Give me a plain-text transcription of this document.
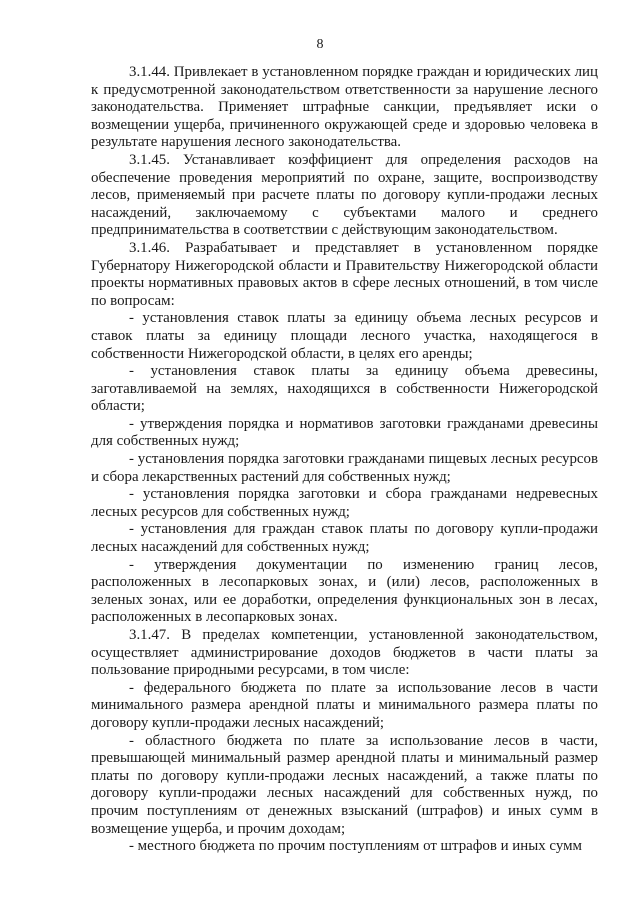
8

3.1.44. Привлекает в установленном порядке граждан и юридических лиц к предусмотренной законодательством ответственности за нарушение лесного законодательства. Применяет штрафные санкции, предъявляет иски о возмещении ущерба, причиненного окружающей среде и здоровью человека в результате нарушения лесного законодательства.

3.1.45. Устанавливает коэффициент для определения расходов на обеспечение проведения мероприятий по охране, защите, воспроизводству лесов, применяемый при расчете платы по договору купли-продажи лесных насаждений, заключаемому с субъектами малого и среднего предпринимательства в соответствии с действующим законодательством.

3.1.46. Разрабатывает и представляет в установленном порядке Губернатору Нижегородской области и Правительству Нижегородской области проекты нормативных правовых актов в сфере лесных отношений, в том числе по вопросам:

- установления ставок платы за единицу объема лесных ресурсов и ставок платы за единицу площади лесного участка, находящегося в собственности Нижегородской области, в целях его аренды;

- установления ставок платы за единицу объема древесины, заготавливаемой на землях, находящихся в собственности Нижегородской области;

- утверждения порядка и нормативов заготовки гражданами древесины для собственных нужд;

- установления порядка заготовки гражданами пищевых лесных ресурсов и сбора лекарственных растений для собственных нужд;

- установления порядка заготовки и сбора гражданами недревесных лесных ресурсов для собственных нужд;

- установления для граждан ставок платы по договору купли-продажи лесных насаждений для собственных нужд;

- утверждения документации по изменению границ лесов, расположенных в лесопарковых зонах, и (или) лесов, расположенных в зеленых зонах, или ее доработки, определения функциональных зон в лесах, расположенных в лесопарковых зонах.

3.1.47. В пределах компетенции, установленной законодательством, осуществляет администрирование доходов бюджетов в части платы за пользование природными ресурсами, в том числе:

- федерального бюджета по плате за использование лесов в части минимального размера арендной платы и минимального размера платы по договору купли-продажи лесных насаждений;

- областного бюджета по плате за использование лесов в части, превышающей минимальный размер арендной платы и минимальный размер платы по договору купли-продажи лесных насаждений, а также платы по договору купли-продажи лесных насаждений для собственных нужд, по прочим поступлениям от денежных взысканий (штрафов) и иных сумм в возмещение ущерба, и прочим доходам;

- местного бюджета по прочим поступлениям от штрафов и иных сумм
